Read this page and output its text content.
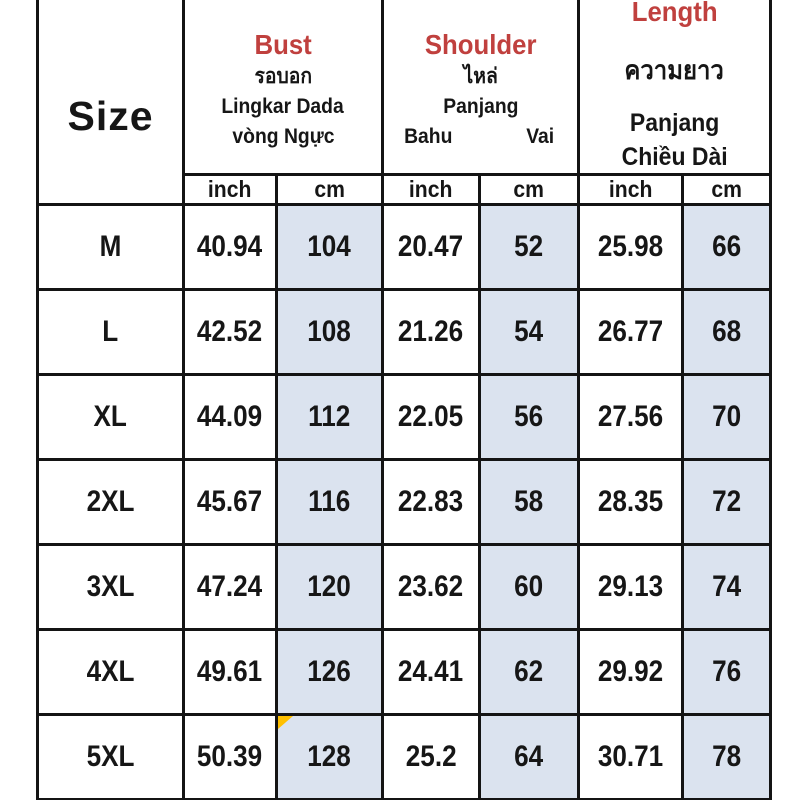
Size
Bust
รอบอก
Lingkar Dada
vòng Ngực
Shoulder
ไหล่
Panjang
Bahu	Vai
Length
ความยาว
Panjang
Chiều Dài
inch	cm	inch	cm	inch	cm
M	40.94 104 20.47 52 25.98 66
L	42.52 108 21.26 54 26.77 68
XL 44.09 112 22.05 56 27.56 70
2XL 45.67 116 22.83 58 28.35 72
3XL 47.24 120 23.62 60 29.13 74
4XL 49.61 126 24.41 62 29.92 76
5XL 50.39 128 25.2 64 30.71 78
